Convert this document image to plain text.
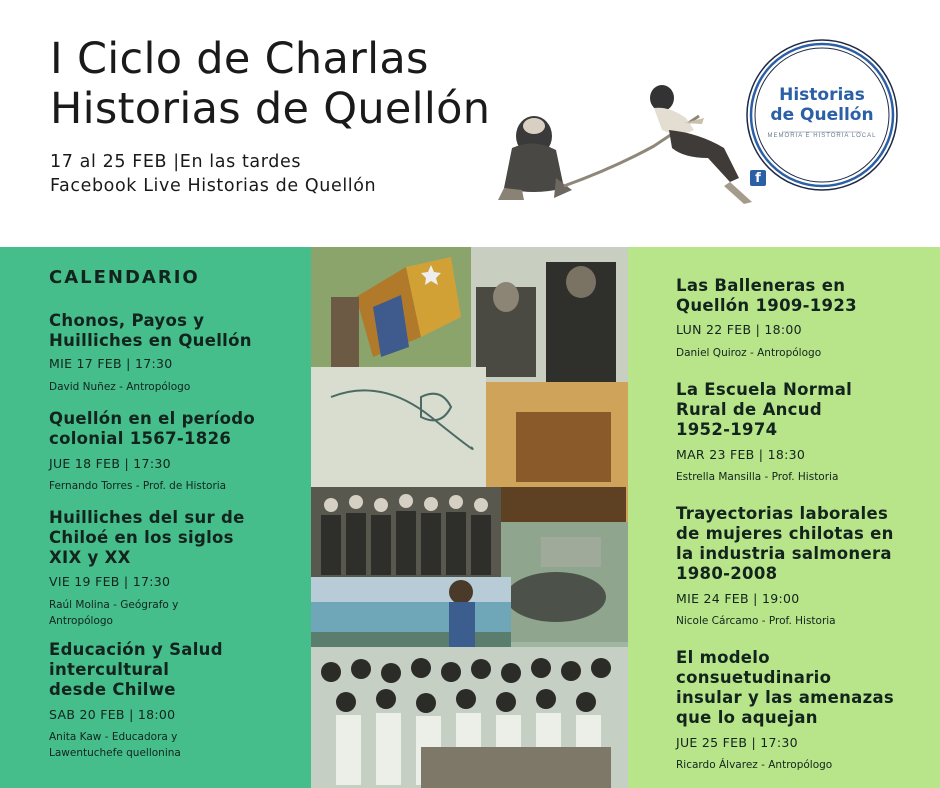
I Ciclo de Charlas
Historias de Quellón
17 al 25 FEB |En las tardes
Facebook Live Historias de Quellón
Historias
de Quellón
MEMORIA E HISTORIA LOCAL
f
CALENDARIO
Chonos, Payos y
Huilliches en Quellón
MIE 17 FEB | 17:30
David Nuñez - Antropólogo
Quellón en el período
colonial 1567-1826
JUE 18 FEB | 17:30
Fernando Torres - Prof. de Historia
Huilliches del sur de
Chiloé en los siglos
XIX y XX
VIE 19 FEB | 17:30
Raúl Molina - Geógrafo y
Antropólogo
Educación y Salud
intercultural
desde Chilwe
SAB 20 FEB | 18:00
Anita Kaw - Educadora y
Lawentuchefe quellonina
Las Balleneras en
Quellón 1909-1923
LUN 22 FEB | 18:00
Daniel Quiroz - Antropólogo
La Escuela Normal
Rural de Ancud
1952-1974
MAR 23 FEB | 18:30
Estrella Mansilla - Prof. Historia
Trayectorias laborales
de mujeres chilotas en
la industria salmonera
1980-2008
MIE 24 FEB | 19:00
Nicole Cárcamo - Prof. Historia
El modelo
consuetudinario
insular y las amenazas
que lo aquejan
JUE 25 FEB | 17:30
Ricardo Álvarez - Antropólogo
